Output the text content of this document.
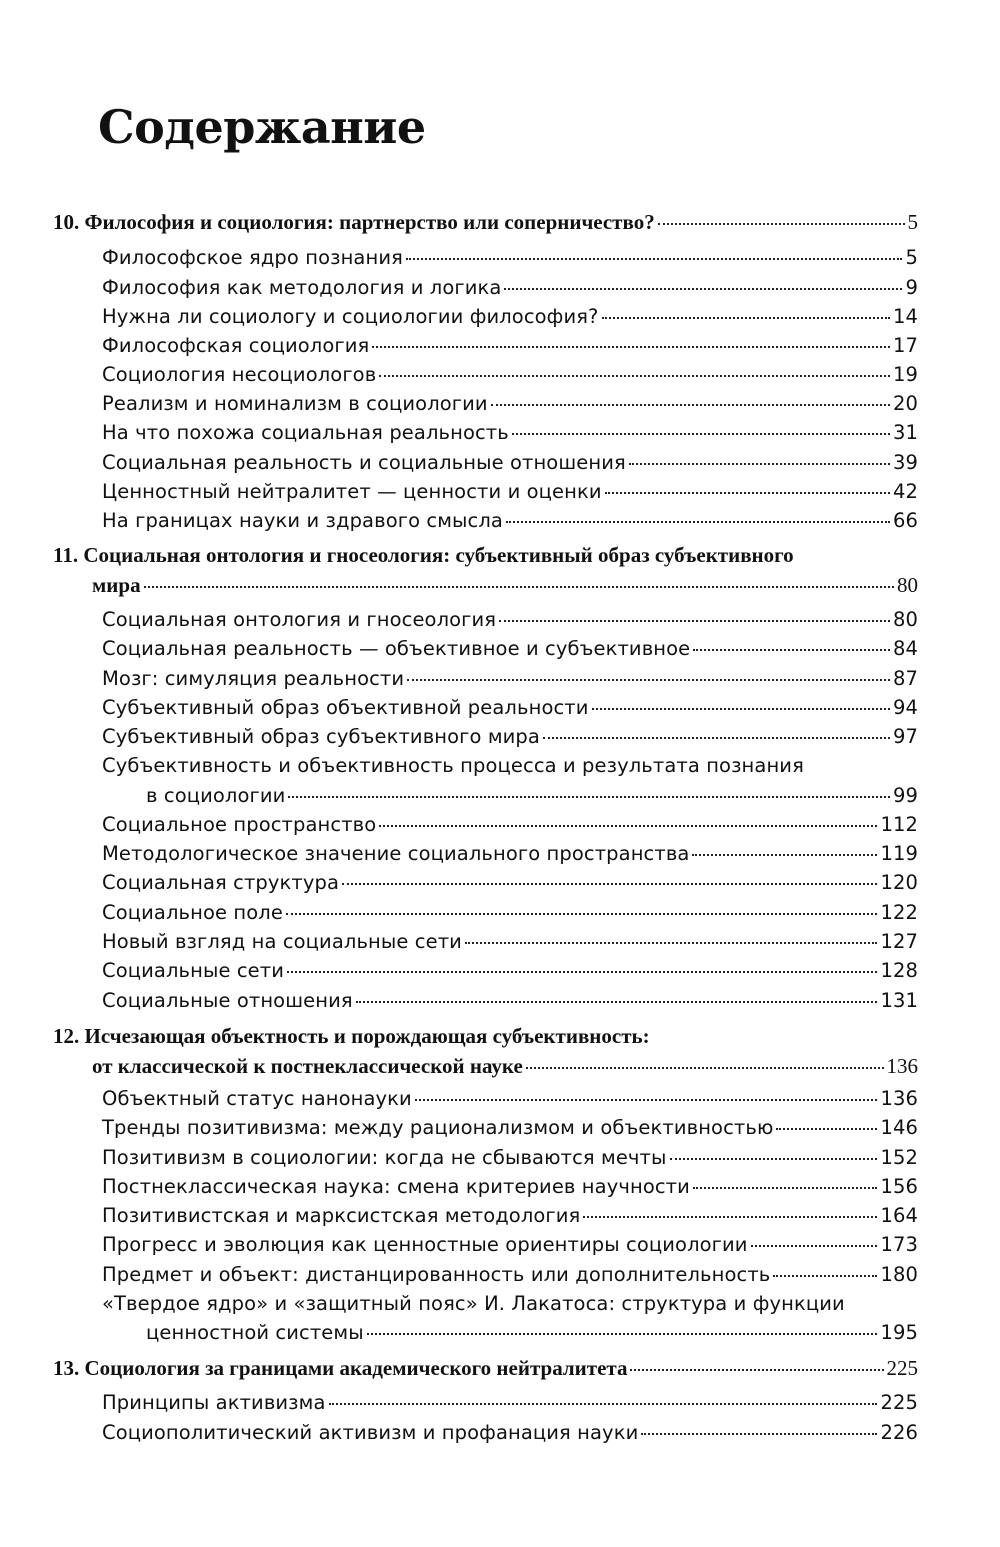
Содержание
10. Философия и социология: партнерство или соперничество?	5
Философское ядро познания	5
Философия как методология и логика	9
Нужна ли социологу и социологии философия?	14
Философская социология	17
Социология несоциологов	19
Реализм и номинализм в социологии	20
На что похожа социальная реальность	31
Социальная реальность и социальные отношения	39
Ценностный нейтралитет — ценности и оценки	42
На границах науки и здравого смысла	66
11. Социальная онтология и гносеология: субъективный образ субъективного
мира	80
Социальная онтология и гносеология	80
Социальная реальность — объективное и субъективное	84
Мозг: симуляция реальности	87
Субъективный образ объективной реальности	94
Субъективный образ субъективного мира	97
Субъективность и объективность процесса и результата познания
в социологии	99
Социальное пространство	112
Методологическое значение социального пространства	119
Социальная структура	120
Социальное поле	122
Новый взгляд на социальные сети	127
Социальные сети	128
Социальные отношения	131
12. Исчезающая объектность и порождающая субъективность:
от классической к постнеклассической науке	136
Объектный статус нанонауки	136
Тренды позитивизма: между рационализмом и объективностью	146
Позитивизм в социологии: когда не сбываются мечты	152
Постнеклассическая наука: смена критериев научности	156
Позитивистская и марксистская методология	164
Прогресс и эволюция как ценностные ориентиры социологии	173
Предмет и объект: дистанцированность или дополнительность	180
«Твердое ядро» и «защитный пояс» И. Лакатоса: структура и функции
ценностной системы	195
13. Социология за границами академического нейтралитета	225
Принципы активизма	225
Социополитический активизм и профанация науки	226
